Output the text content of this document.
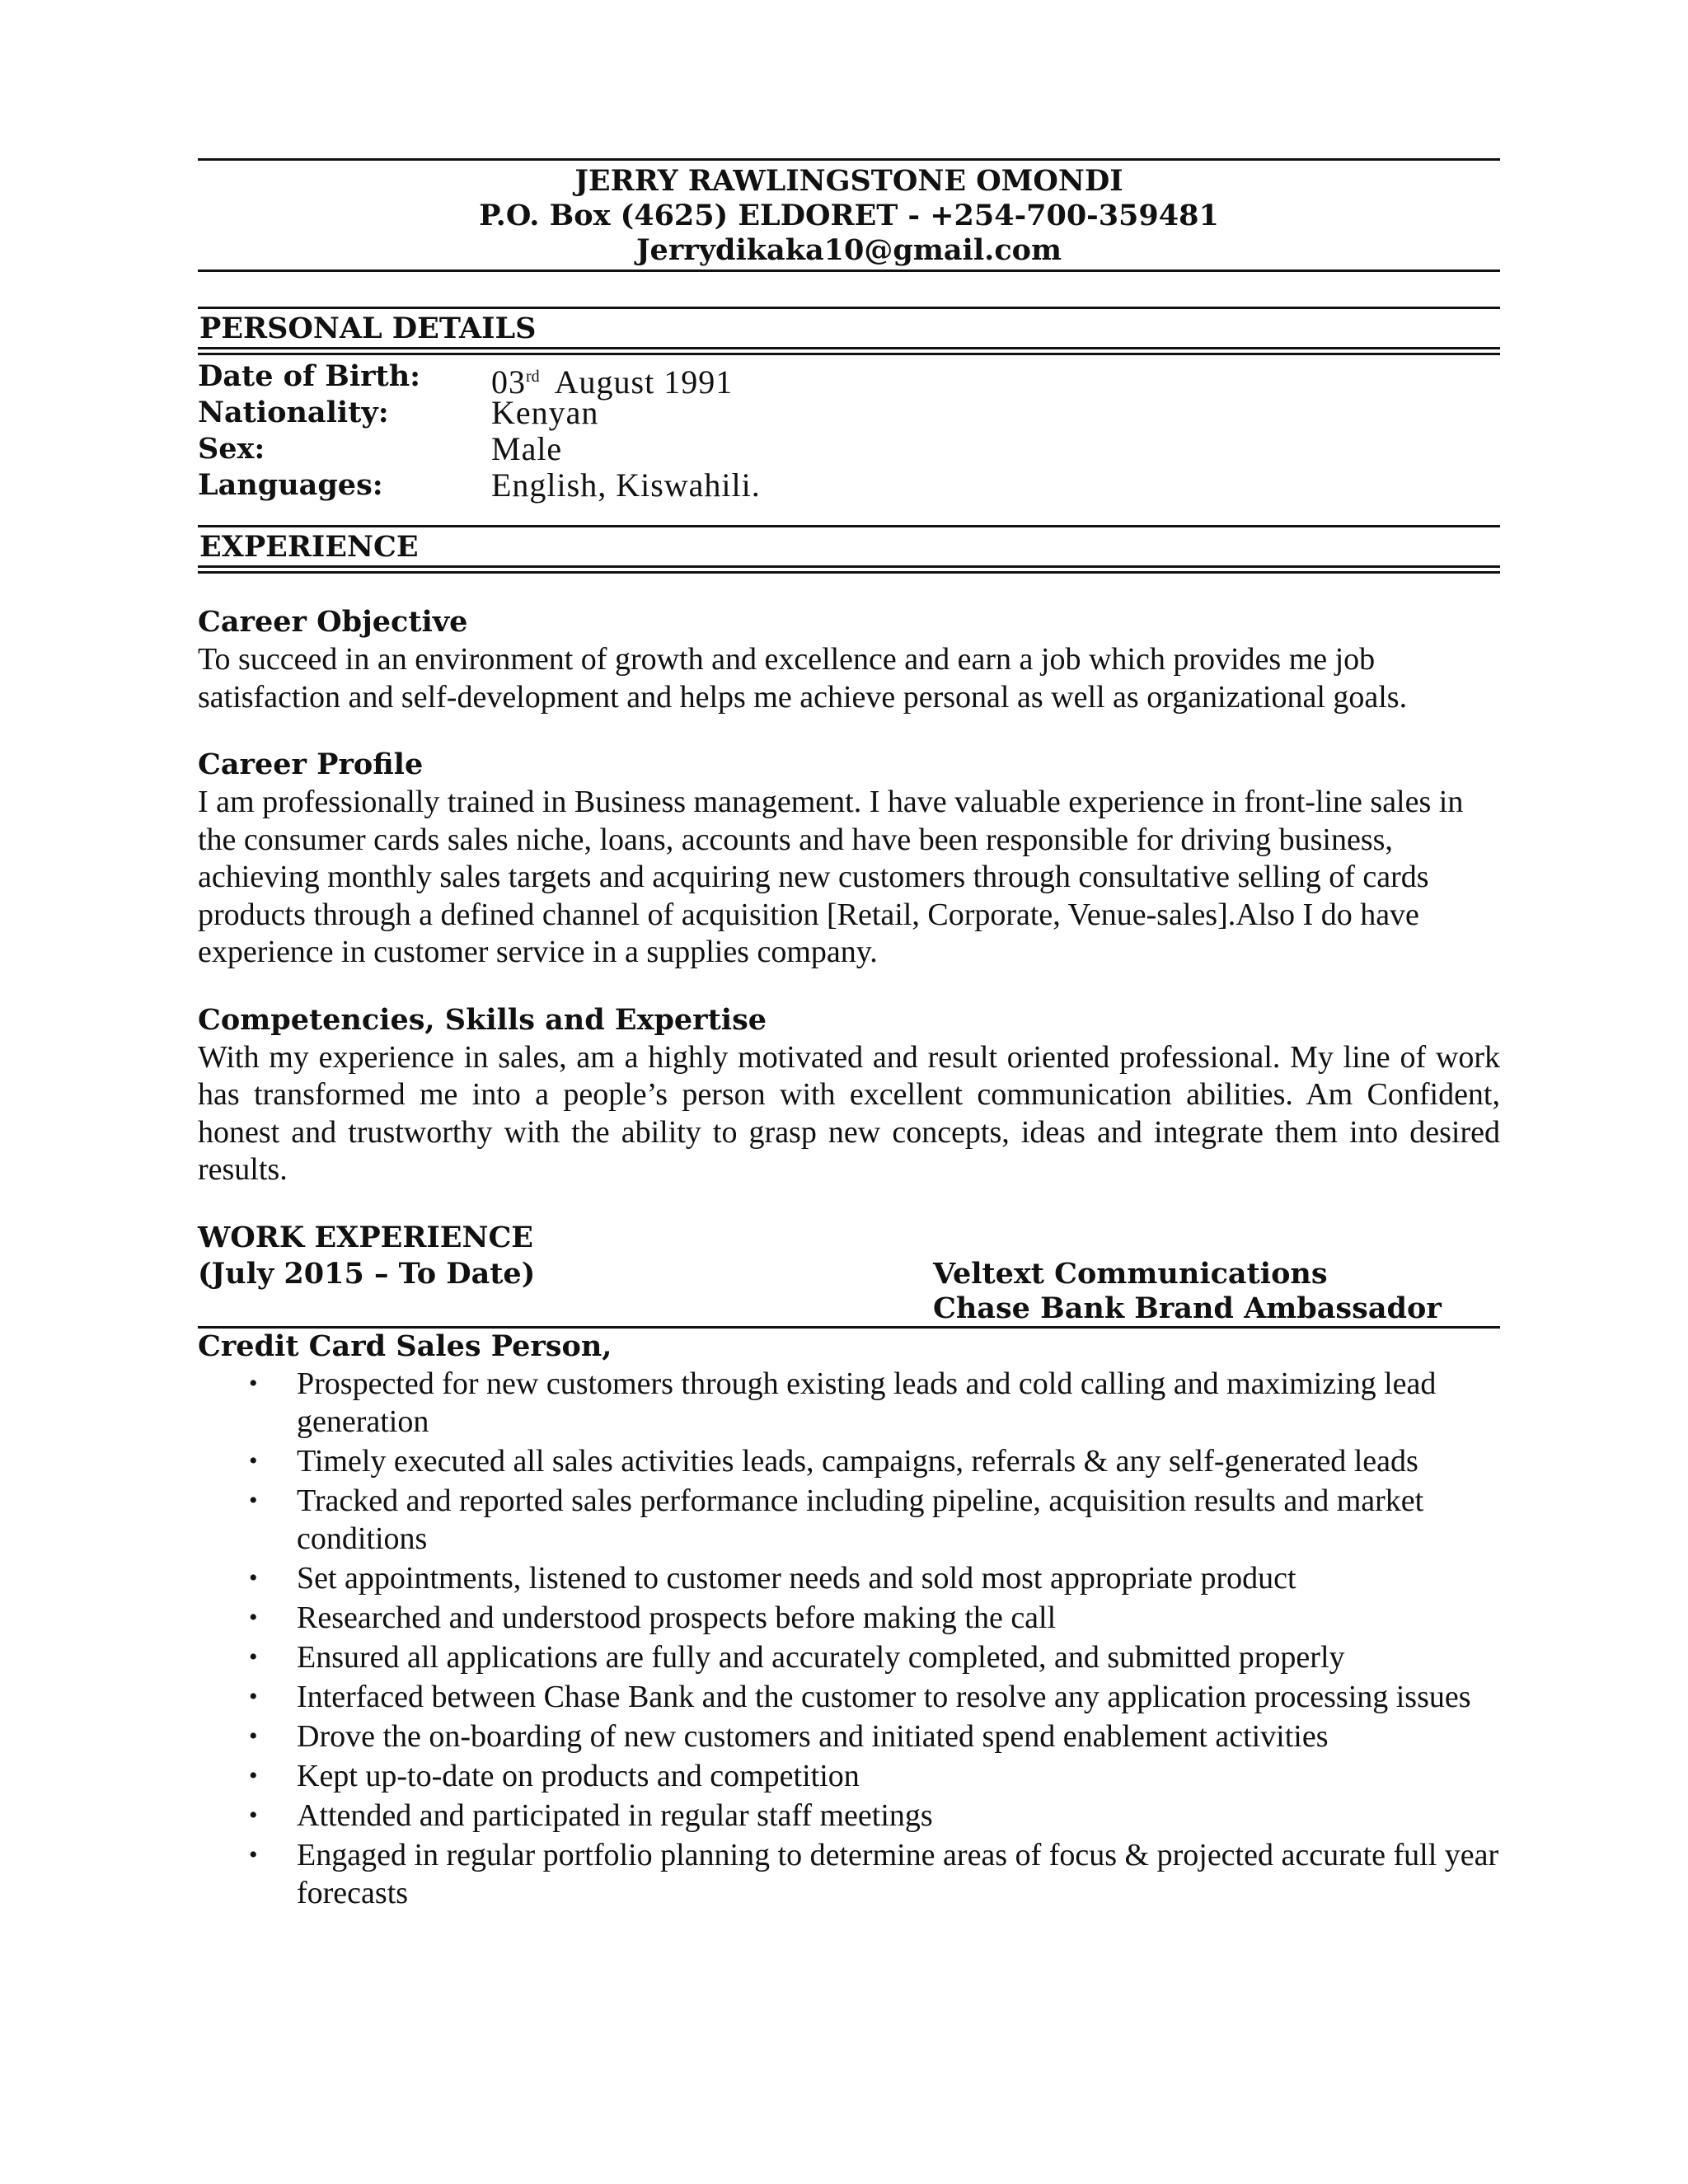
JERRY RAWLINGSTONE OMONDI
P.O. Box (4625) ELDORET - +254-700-359481
Jerrydikaka10@gmail.com
PERSONAL DETAILS
Date of Birth:	03rd August 1991
Nationality:	Kenyan
Sex:	Male
Languages:	English, Kiswahili.
EXPERIENCE
Career Objective

To succeed in an environment of growth and excellence and earn a job which provides me job satisfaction and self-development and helps me achieve personal as well as organizational goals.

Career Profile

I am professionally trained in Business management. I have valuable experience in front-line sales in the consumer cards sales niche, loans, accounts and have been responsible for driving business, achieving monthly sales targets and acquiring new customers through consultative selling of cards products through a defined channel of acquisition [Retail, Corporate, Venue-sales].Also I do have experience in customer service in a supplies company.

Competencies, Skills and Expertise

With my experience in sales, am a highly motivated and result oriented professional. My line of work has transformed me into a people’s person with excellent communication abilities. Am Confident, honest and trustworthy with the ability to grasp new concepts, ideas and integrate them into desired results.

WORK EXPERIENCE
(July 2015 – To Date)	Veltext Communications
Chase Bank Brand Ambassador
Credit Card Sales Person,
• Prospected for new customers through existing leads and cold calling and maximizing lead generation
• Timely executed all sales activities leads, campaigns, referrals & any self-generated leads
• Tracked and reported sales performance including pipeline, acquisition results and market conditions
• Set appointments, listened to customer needs and sold most appropriate product
• Researched and understood prospects before making the call
• Ensured all applications are fully and accurately completed, and submitted properly
• Interfaced between Chase Bank and the customer to resolve any application processing issues
• Drove the on-boarding of new customers and initiated spend enablement activities
• Kept up-to-date on products and competition
• Attended and participated in regular staff meetings
• Engaged in regular portfolio planning to determine areas of focus & projected accurate full year forecasts
